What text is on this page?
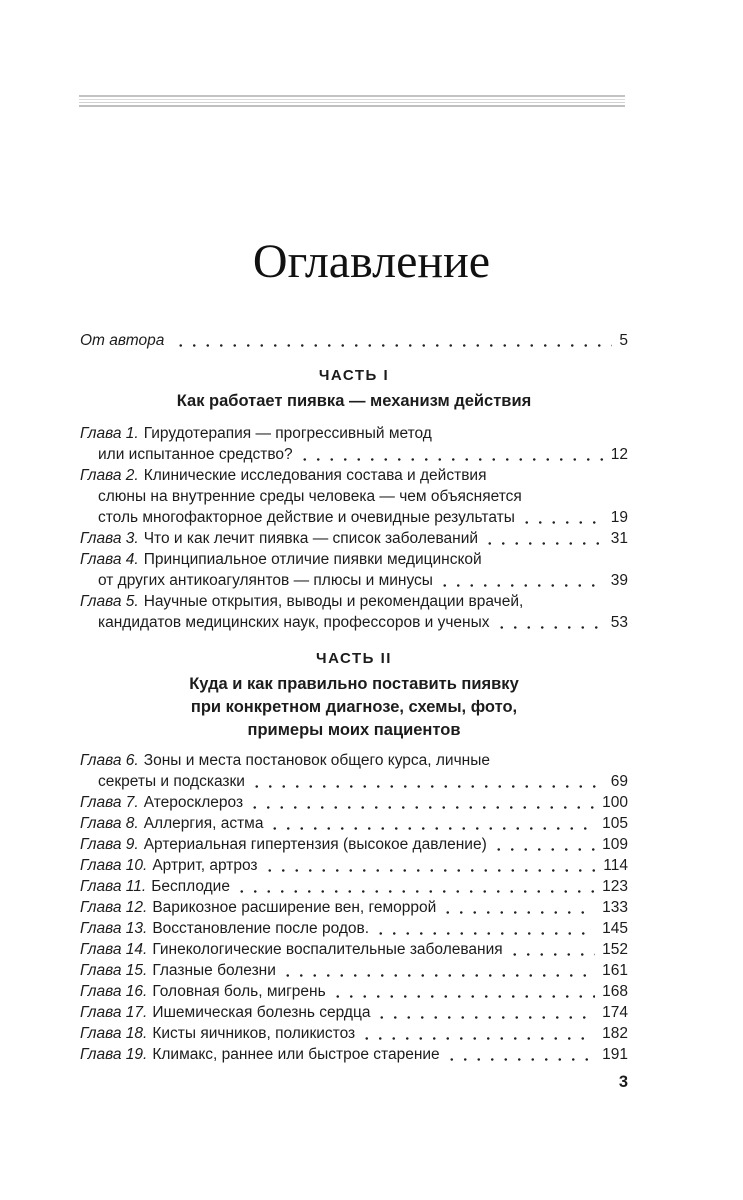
Оглавление
От автора	5
ЧАСТЬ I
Как работает пиявка — механизм действия
Глава 1. Гирудотерапия — прогрессивный метод
или испытанное средство?	12
Глава 2. Клинические исследования состава и действия
слюны на внутренние среды человека — чем объясняется
столь многофакторное действие и очевидные результаты	19
Глава 3. Что и как лечит пиявка — список заболеваний	31
Глава 4. Принципиальное отличие пиявки медицинской
от других антикоагулянтов — плюсы и минусы	39
Глава 5. Научные открытия, выводы и рекомендации врачей,
кандидатов медицинских наук, профессоров и ученых	53
ЧАСТЬ II
Куда и как правильно поставить пиявку
при конкретном диагнозе, схемы, фото,
примеры моих пациентов
Глава 6. Зоны и места постановок общего курса, личные
секреты и подсказки	69
Глава 7. Атеросклероз	100
Глава 8. Аллергия, астма	105
Глава 9. Артериальная гипертензия (высокое давление)	109
Глава 10. Артрит, артроз	114
Глава 11. Бесплодие	123
Глава 12. Варикозное расширение вен, геморрой	133
Глава 13. Восстановление после родов.	145
Глава 14. Гинекологические воспалительные заболевания	152
Глава 15. Глазные болезни	161
Глава 16. Головная боль, мигрень	168
Глава 17. Ишемическая болезнь сердца	174
Глава 18. Кисты яичников, поликистоз	182
Глава 19. Климакс, раннее или быстрое старение	191
3
